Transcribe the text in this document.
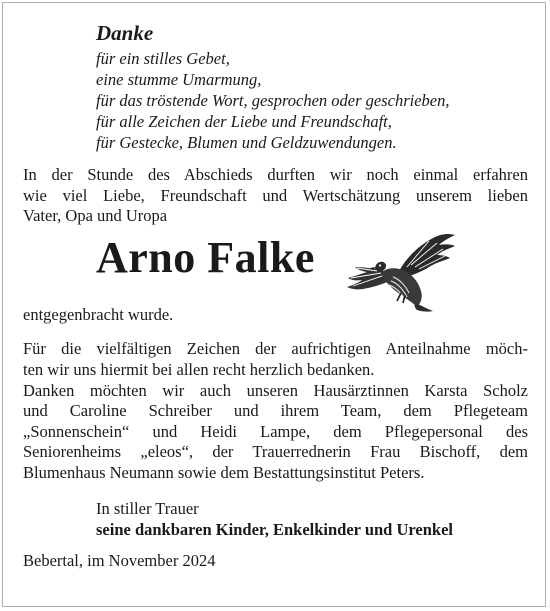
Danke
für ein stilles Gebet,
eine stumme Umarmung,
für das tröstende Wort, gesprochen oder geschrieben,
für alle Zeichen der Liebe und Freundschaft,
für Gestecke, Blumen und Geldzuwendungen.

In der Stunde des Abschieds durften wir noch einmal erfahren
wie viel Liebe, Freundschaft und Wertschätzung unserem lieben
Vater, Opa und Uropa

Arno Falke

entgegenbracht wurde.

Für die vielfältigen Zeichen der aufrichtigen Anteilnahme möch-
ten wir uns hiermit bei allen recht herzlich bedanken.
Danken möchten wir auch unseren Hausärztinnen Karsta Scholz
und Caroline Schreiber und ihrem Team, dem Pflegeteam
„Sonnenschein“ und Heidi Lampe, dem Pflegepersonal des
Seniorenheims „eleos“, der Trauerrednerin Frau Bischoff, dem
Blumenhaus Neumann sowie dem Bestattungsinstitut Peters.

In stiller Trauer
seine dankbaren Kinder, Enkelkinder und Urenkel
Bebertal, im November 2024
